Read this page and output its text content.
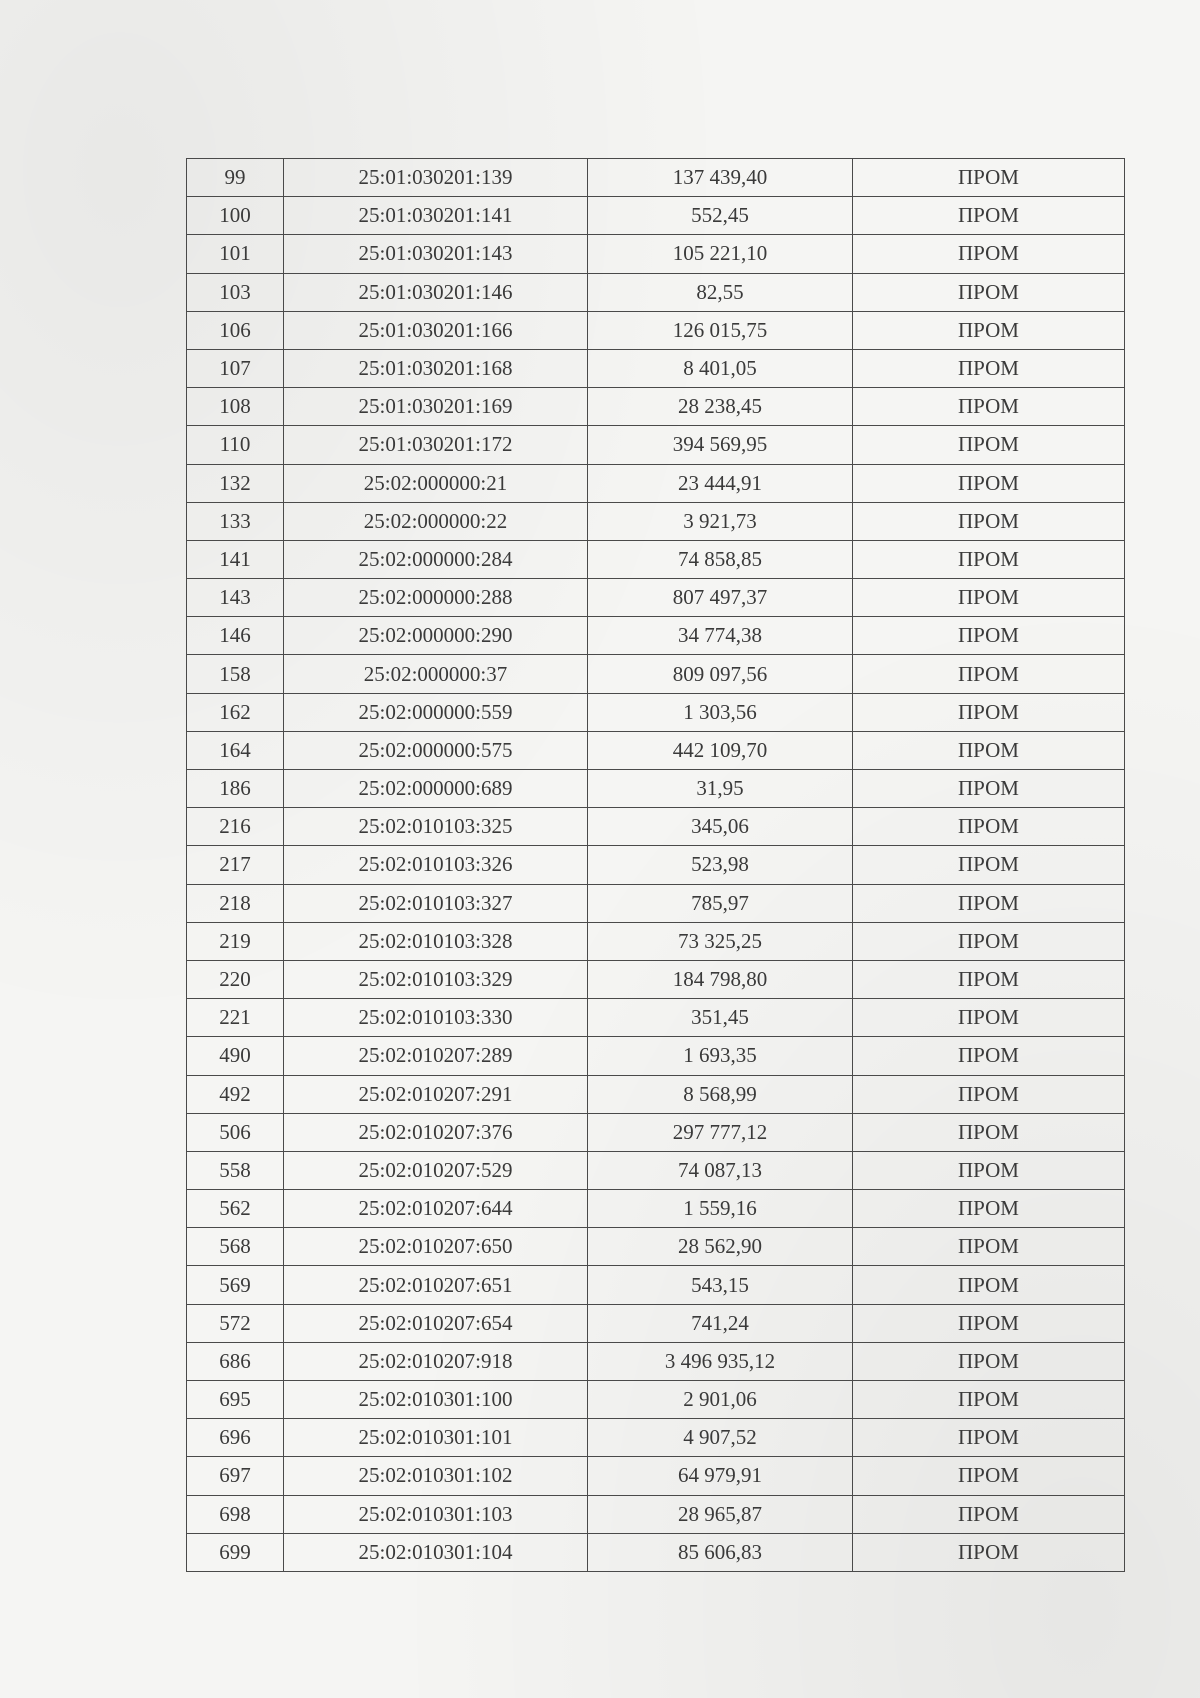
99	25:01:030201:139	137 439,40	ПРОМ
100	25:01:030201:141	552,45	ПРОМ
101	25:01:030201:143	105 221,10	ПРОМ
103	25:01:030201:146	82,55	ПРОМ
106	25:01:030201:166	126 015,75	ПРОМ
107	25:01:030201:168	8 401,05	ПРОМ
108	25:01:030201:169	28 238,45	ПРОМ
110	25:01:030201:172	394 569,95	ПРОМ
132	25:02:000000:21	23 444,91	ПРОМ
133	25:02:000000:22	3 921,73	ПРОМ
141	25:02:000000:284	74 858,85	ПРОМ
143	25:02:000000:288	807 497,37	ПРОМ
146	25:02:000000:290	34 774,38	ПРОМ
158	25:02:000000:37	809 097,56	ПРОМ
162	25:02:000000:559	1 303,56	ПРОМ
164	25:02:000000:575	442 109,70	ПРОМ
186	25:02:000000:689	31,95	ПРОМ
216	25:02:010103:325	345,06	ПРОМ
217	25:02:010103:326	523,98	ПРОМ
218	25:02:010103:327	785,97	ПРОМ
219	25:02:010103:328	73 325,25	ПРОМ
220	25:02:010103:329	184 798,80	ПРОМ
221	25:02:010103:330	351,45	ПРОМ
490	25:02:010207:289	1 693,35	ПРОМ
492	25:02:010207:291	8 568,99	ПРОМ
506	25:02:010207:376	297 777,12	ПРОМ
558	25:02:010207:529	74 087,13	ПРОМ
562	25:02:010207:644	1 559,16	ПРОМ
568	25:02:010207:650	28 562,90	ПРОМ
569	25:02:010207:651	543,15	ПРОМ
572	25:02:010207:654	741,24	ПРОМ
686	25:02:010207:918	3 496 935,12	ПРОМ
695	25:02:010301:100	2 901,06	ПРОМ
696	25:02:010301:101	4 907,52	ПРОМ
697	25:02:010301:102	64 979,91	ПРОМ
698	25:02:010301:103	28 965,87	ПРОМ
699	25:02:010301:104	85 606,83	ПРОМ
